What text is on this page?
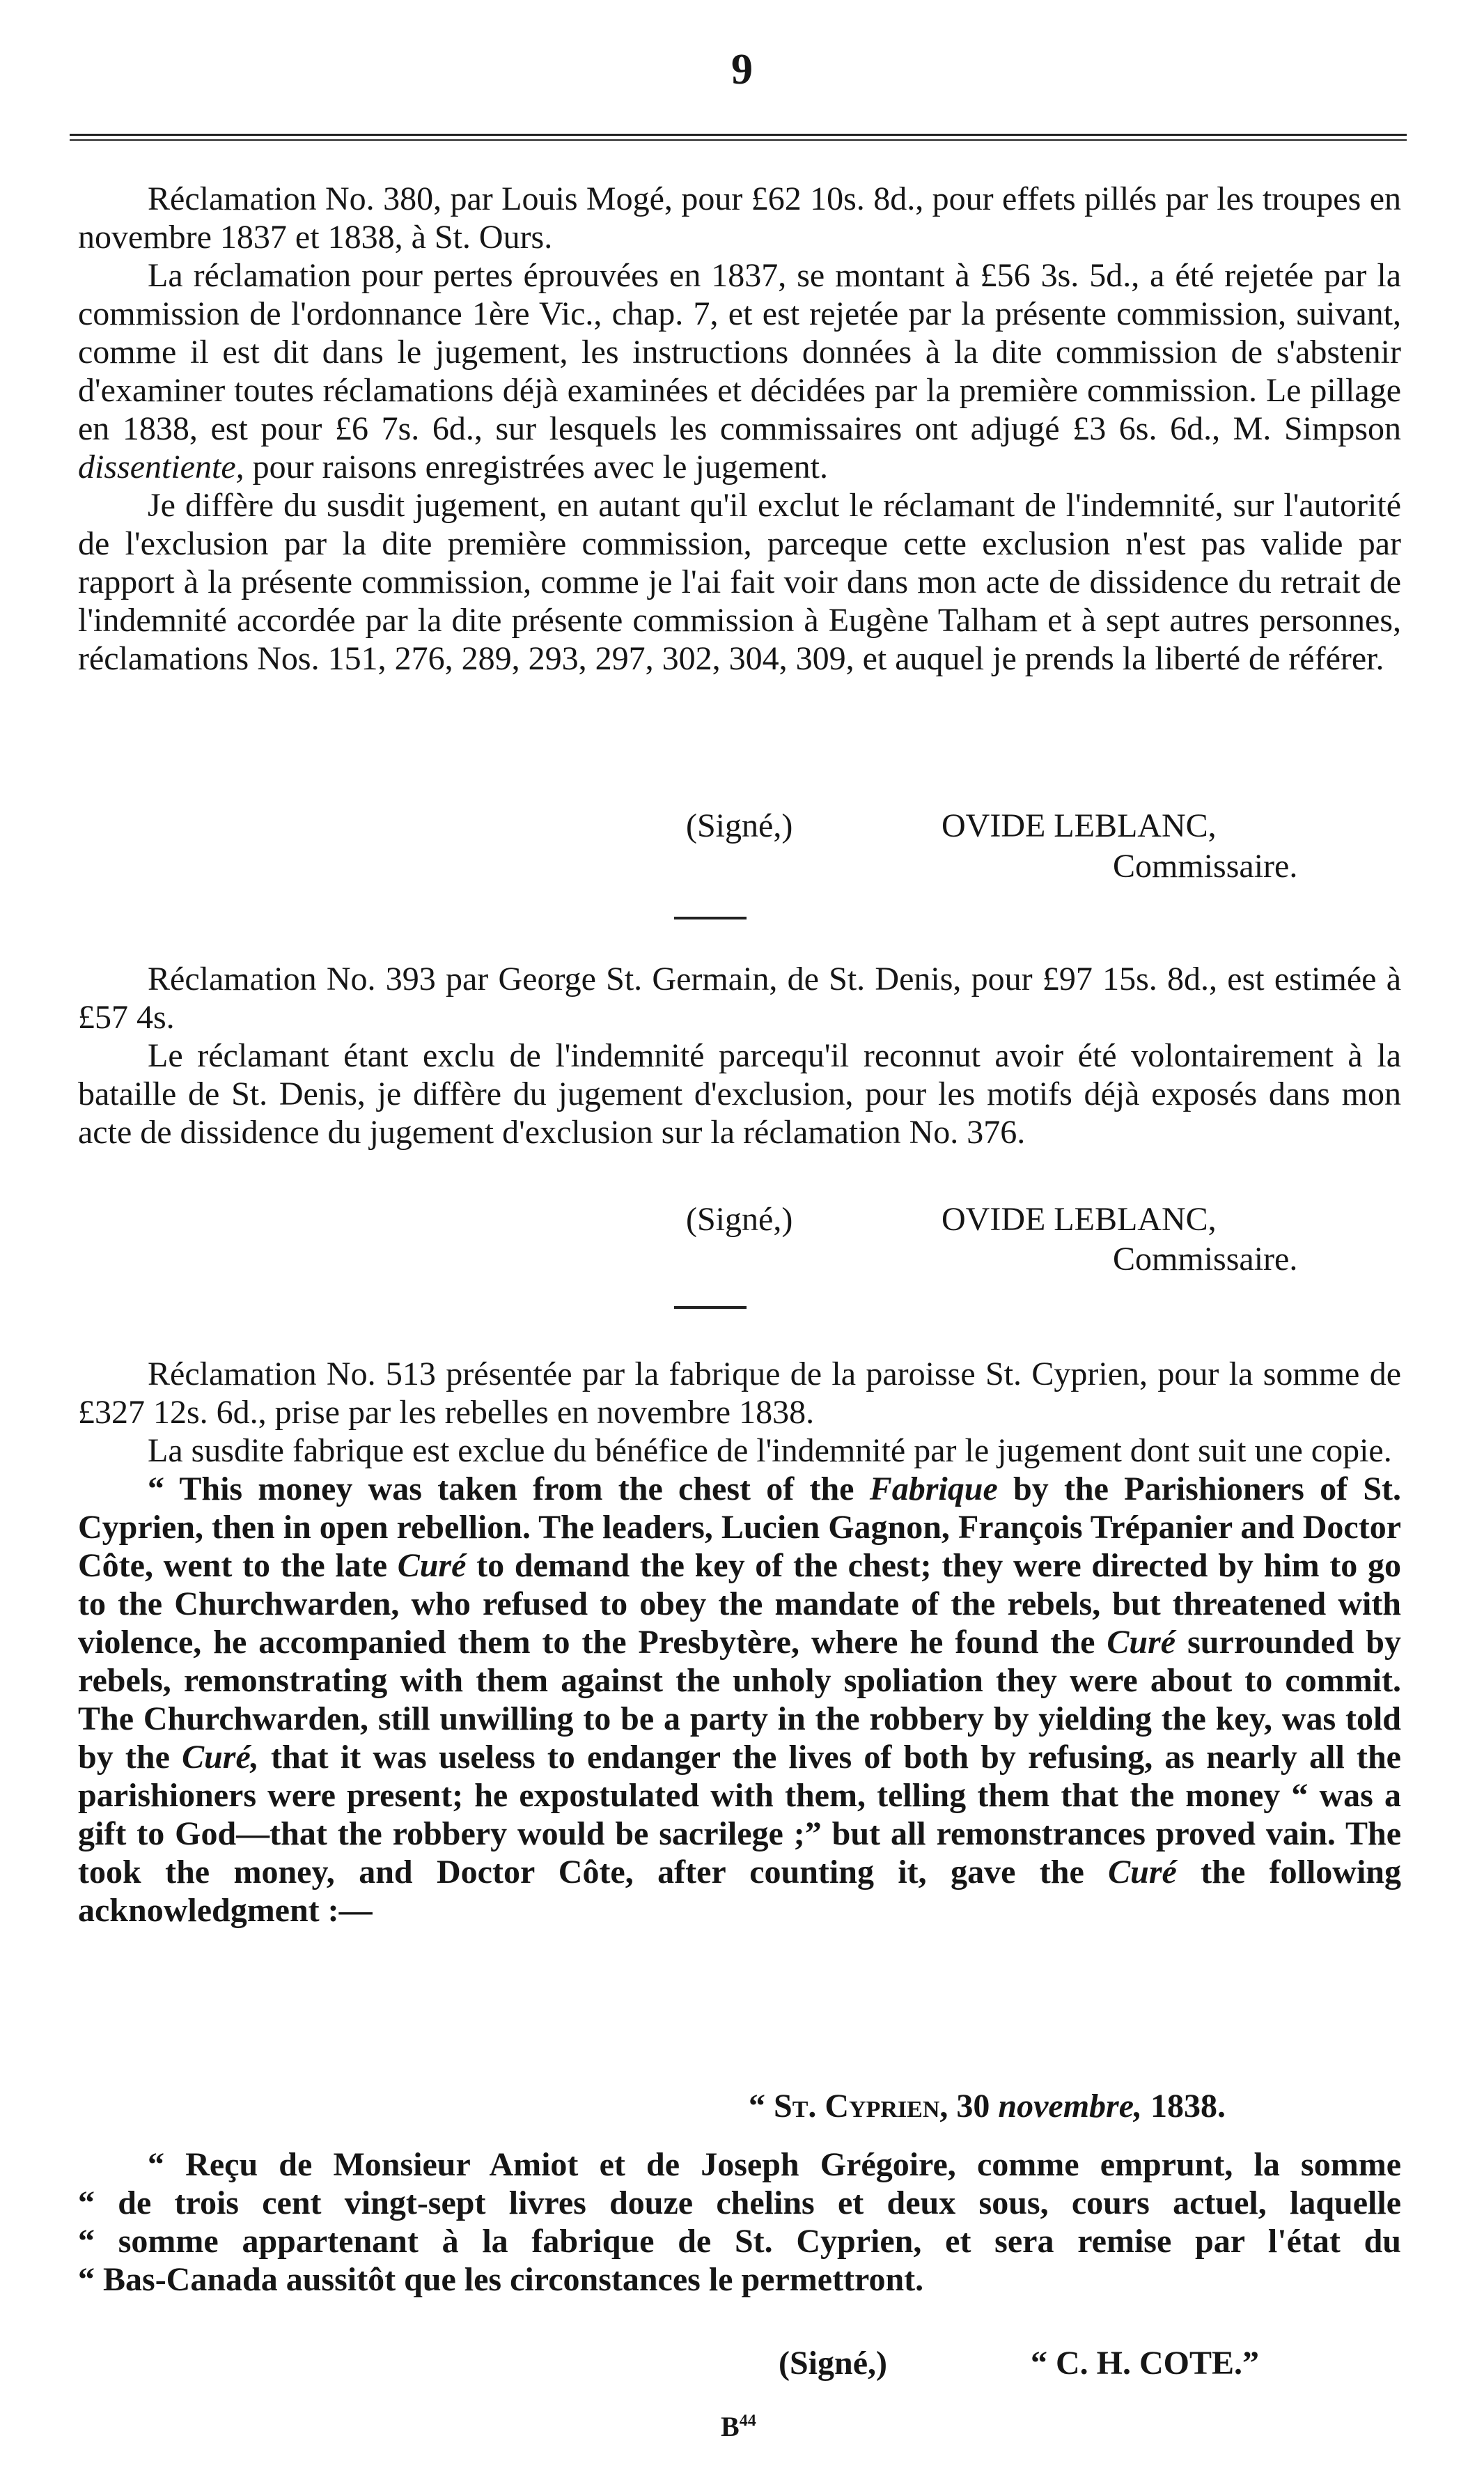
9

Réclamation No. 380, par Louis Mogé, pour £62 10s. 8d., pour effets pillés par les troupes en novembre 1837 et 1838, à St. Ours.

La réclamation pour pertes éprouvées en 1837, se montant à £56 3s. 5d., a été rejetée par la commission de l'ordonnance 1ère Vic., chap. 7, et est rejetée par la présente commission, suivant, comme il est dit dans le jugement, les instructions données à la dite commission de s'abstenir d'examiner toutes réclamations déjà examinées et décidées par la première commission. Le pillage en 1838, est pour £6 7s. 6d., sur lesquels les commissaires ont adjugé £3 6s. 6d., M. Simpson dissentiente, pour raisons enregistrées avec le jugement.

Je diffère du susdit jugement, en autant qu'il exclut le réclamant de l'indemnité, sur l'autorité de l'exclusion par la dite première commission, parceque cette exclusion n'est pas valide par rapport à la présente commission, comme je l'ai fait voir dans mon acte de dissidence du retrait de l'indemnité accordée par la dite présente commission à Eugène Talham et à sept autres personnes, réclamations Nos. 151, 276, 289, 293, 297, 302, 304, 309, et auquel je prends la liberté de référer.

(Signé,)	OVIDE LEBLANC,
Commissaire.

Réclamation No. 393 par George St. Germain, de St. Denis, pour £97 15s. 8d., est estimée à £57 4s.

Le réclamant étant exclu de l'indemnité parcequ'il reconnut avoir été volontairement à la bataille de St. Denis, je diffère du jugement d'exclusion, pour les motifs déjà exposés dans mon acte de dissidence du jugement d'exclusion sur la réclamation No. 376.

(Signé,)	OVIDE LEBLANC,
Commissaire.

Réclamation No. 513 présentée par la fabrique de la paroisse St. Cyprien, pour la somme de £327 12s. 6d., prise par les rebelles en novembre 1838.

La susdite fabrique est exclue du bénéfice de l'indemnité par le jugement dont suit une copie.

“ This money was taken from the chest of the Fabrique by the Parishioners of St. Cyprien, then in open rebellion. The leaders, Lucien Gagnon, François Trépanier and Doctor Côte, went to the late Curé to demand the key of the chest; they were directed by him to go to the Churchwarden, who refused to obey the mandate of the rebels, but threatened with violence, he accompanied them to the Presbytère, where he found the Curé surrounded by rebels, remonstrating with them against the unholy spoliation they were about to commit. The Churchwarden, still unwilling to be a party in the robbery by yielding the key, was told by the Curé, that it was useless to endanger the lives of both by refusing, as nearly all the parishioners were present; he expostulated with them, telling them that the money “ was a gift to God—that the robbery would be sacrilege ;” but all remonstrances proved vain. The took the money, and Doctor Côte, after counting it, gave the Curé the following acknowledgment :—

“ St. Cyprien, 30 novembre, 1838.
“ Reçu de Monsieur Amiot et de Joseph Grégoire, comme emprunt, la somme
“ de trois cent vingt-sept livres douze chelins et deux sous, cours actuel, laquelle
“ somme appartenant à la fabrique de St. Cyprien, et sera remise par l'état du
“ Bas-Canada aussitôt que les circonstances le permettront.
(Signé,)	“ C. H. COTE.”
$B^{44}$
